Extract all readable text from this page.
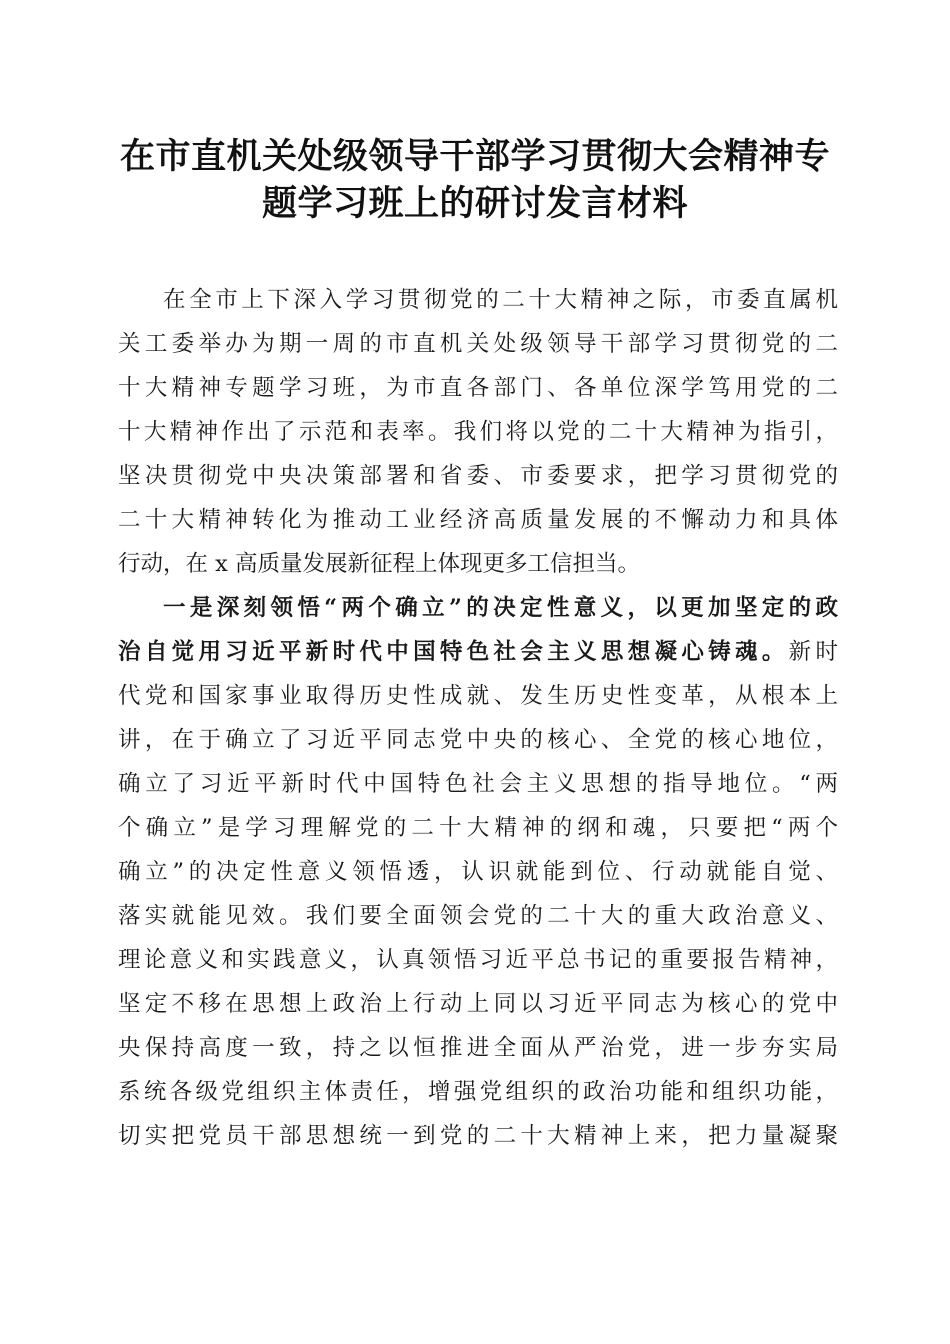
在市直机关处级领导干部学习贯彻大会精神专
题学习班上的研讨发言材料
在全市上下深入学习贯彻党的二十大精神之际，市委直属机
关工委举办为期一周的市直机关处级领导干部学习贯彻党的二
十大精神专题学习班，为市直各部门、各单位深学笃用党的二
十大精神作出了示范和表率。我们将以党的二十大精神为指引，
坚决贯彻党中央决策部署和省委、市委要求，把学习贯彻党的
二十大精神转化为推动工业经济高质量发展的不懈动力和具体
行动，在 x 高质量发展新征程上体现更多工信担当。
一是深刻领悟“两个确立”的决定性意义，以更加坚定的政
治自觉用习近平新时代中国特色社会主义思想凝心铸魂。新时
代党和国家事业取得历史性成就、发生历史性变革，从根本上
讲，在于确立了习近平同志党中央的核心、全党的核心地位，
确立了习近平新时代中国特色社会主义思想的指导地位。“两
个确立”是学习理解党的二十大精神的纲和魂，只要把“两个
确立”的决定性意义领悟透，认识就能到位、行动就能自觉、
落实就能见效。我们要全面领会党的二十大的重大政治意义、
理论意义和实践意义，认真领悟习近平总书记的重要报告精神，
坚定不移在思想上政治上行动上同以习近平同志为核心的党中
央保持高度一致，持之以恒推进全面从严治党，进一步夯实局
系统各级党组织主体责任，增强党组织的政治功能和组织功能，
切实把党员干部思想统一到党的二十大精神上来，把力量凝聚
